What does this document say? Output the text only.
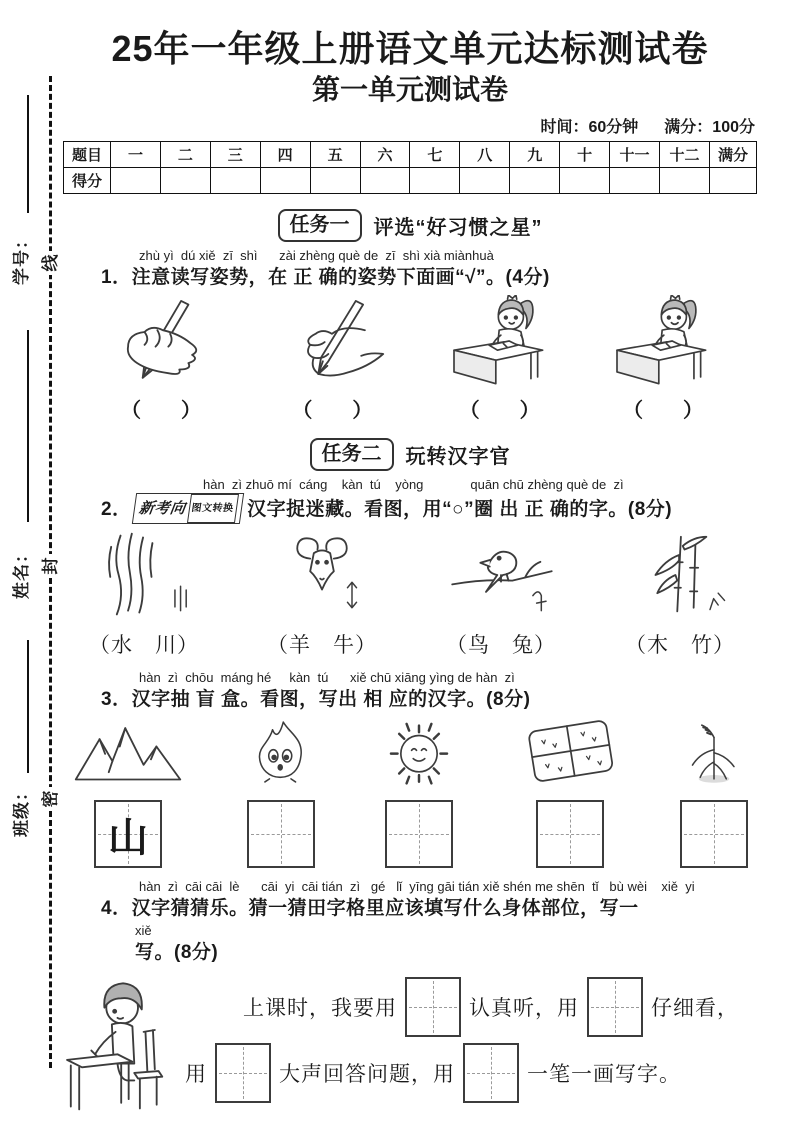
学号：
姓名：
班级：
线
封
密
25年一年级上册语文单元达标测试卷
第一单元测试卷
时间：60分钟 满分：100分
题目	一	二	三	四	五	六	七	八	九	十	十一	十二	满分
得分													
任务一	评选“好习惯之星”
zhù yì  dú xiě  zī  shì      zài zhèng què de  zī  shì xià miànhuà
1．注意读写姿势，在 正 确的姿势下面画“√”。(4分)
（　　）	（　　）	（　　）	（　　）
任务二	玩转汉字官
hàn  zì zhuō mí  cáng    kàn  tú    yòng             quān chū zhèng què de  zì
2． 新考向 图文转换 汉字捉迷藏。看图，用“○”圈 出 正 确的字。(8分)
（水　川）	（羊　牛）	（鸟　兔）	（木　竹）
hàn  zì  chōu  máng hé     kàn  tú      xiě chū xiāng yìng de hàn  zì
3．汉字抽 盲 盒。看图，写出 相 应的汉字。(8分)
山
hàn  zì  cāi cāi  lè      cāi  yi  cāi tián  zì   gé   lǐ  yīng gāi tián xiě shén me shēn  tǐ   bù wèi    xiě  yi
4．汉字猜猜乐。猜一猜田字格里应该填写什么身体部位，写一
xiě
写。(8分)
上课时，我要用	认真听，用	仔细看，
用	大声回答问题，用	一笔一画写字。
